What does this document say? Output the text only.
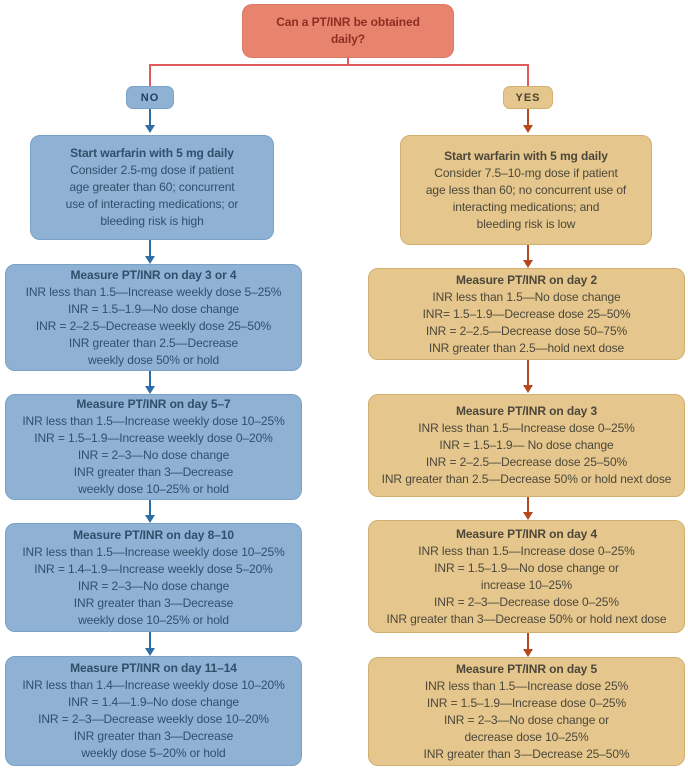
Can a PT/INR be obtained
daily?
NO	YES
Start warfarin with 5 mg daily
Consider 2.5-mg dose if patient
age greater than 60; concurrent
use of interacting medications; or
bleeding risk is high
Measure PT/INR on day 3 or 4
INR less than 1.5—Increase weekly dose 5–25%
INR = 1.5–1.9—No dose change
INR = 2–2.5–Decrease weekly dose 25–50%
INR greater than 2.5—Decrease
weekly dose 50% or hold
Measure PT/INR on day 5–7
INR less than 1.5—Increase weekly dose 10–25%
INR = 1.5–1.9—Increase weekly dose 0–20%
INR = 2–3—No dose change
INR greater than 3—Decrease
weekly dose 10–25% or hold
Measure PT/INR on day 8–10
INR less than 1.5—Increase weekly dose 10–25%
INR = 1.4–1.9—Increase weekly dose 5–20%
INR = 2–3—No dose change
INR greater than 3—Decrease
weekly dose 10–25% or hold
Measure PT/INR on day 11–14
INR less than 1.4—Increase weekly dose 10–20%
INR = 1.4—1.9–No dose change
INR = 2–3—Decrease weekly dose 10–20%
INR greater than 3—Decrease
weekly dose 5–20% or hold
Start warfarin with 5 mg daily
Consider 7.5–10-mg dose if patient
age less than 60; no concurrent use of
interacting medications; and
bleeding risk is low
Measure PT/INR on day 2
INR less than 1.5—No dose change
INR= 1.5–1.9—Decrease dose 25–50%
INR = 2–2.5—Decrease dose 50–75%
INR greater than 2.5—hold next dose
Measure PT/INR on day 3
INR less than 1.5—Increase dose 0–25%
INR = 1.5–1.9— No dose change
INR = 2–2.5—Decrease dose 25–50%
INR greater than 2.5—Decrease 50% or hold next dose
Measure PT/INR on day 4
INR less than 1.5—Increase dose 0–25%
INR = 1.5–1.9—No dose change or
increase 10–25%
INR = 2–3—Decrease dose 0–25%
INR greater than 3—Decrease 50% or hold next dose
Measure PT/INR on day 5
INR less than 1.5—Increase dose 25%
INR = 1.5–1.9—Increase dose 0–25%
INR = 2–3—No dose change or
decrease dose 10–25%
INR greater than 3—Decrease 25–50%
